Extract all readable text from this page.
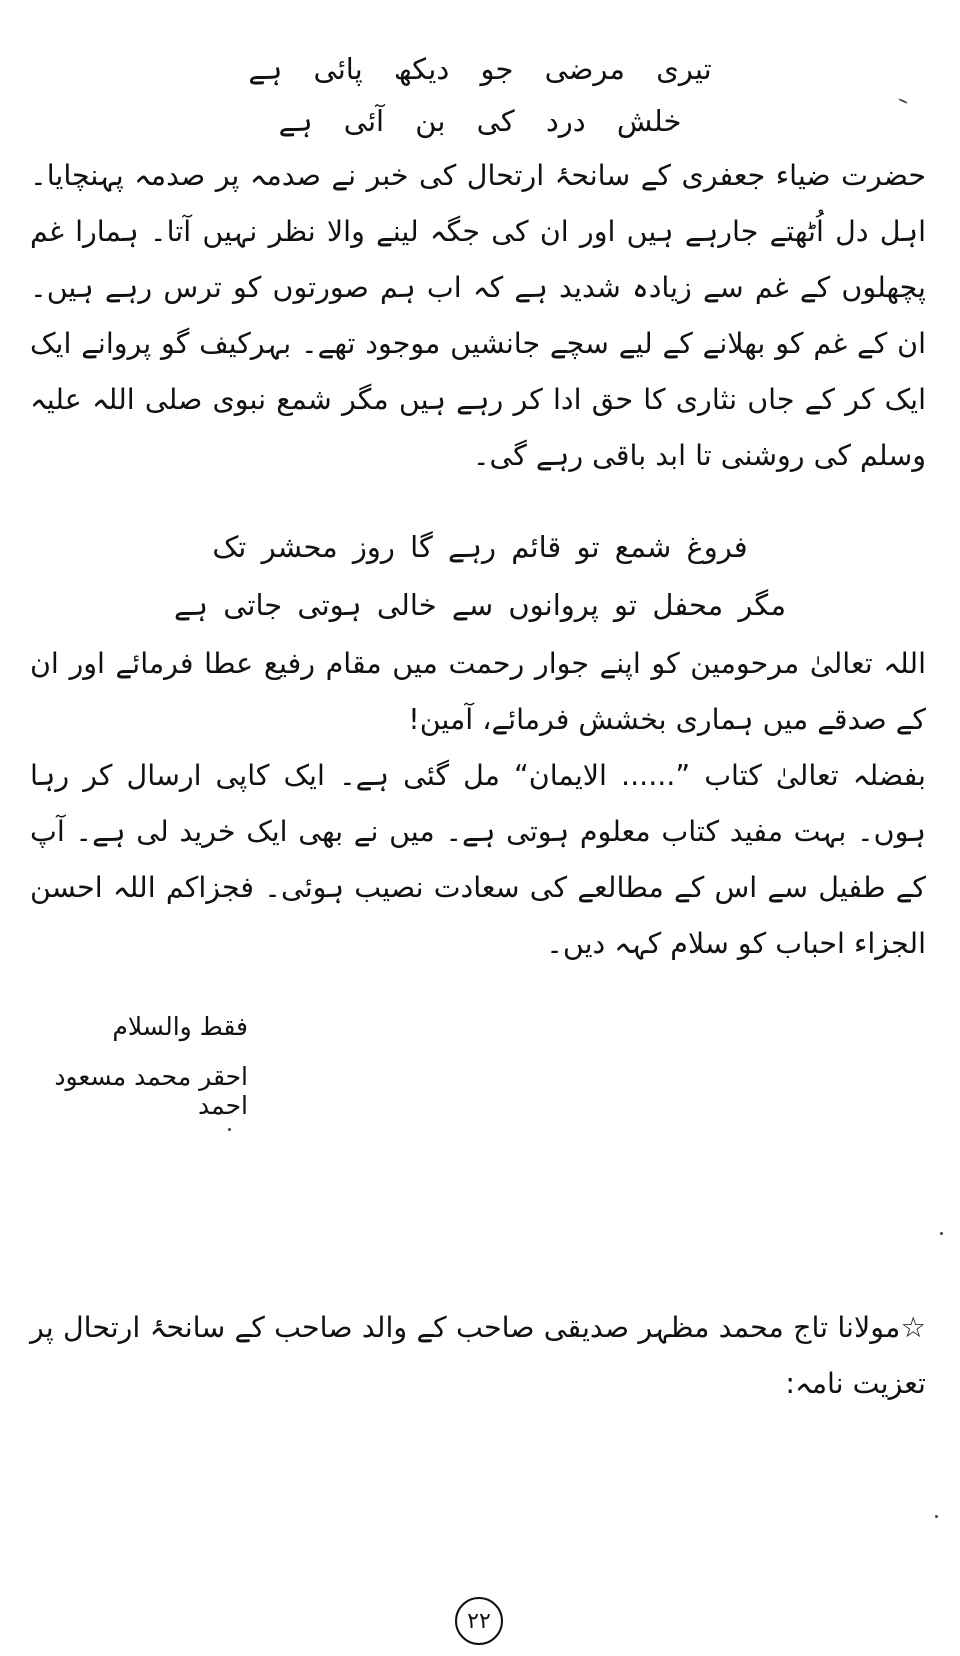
تیری مرضی جو دیکھ پائی ہے
خلش درد کی بن آئی ہے

حضرت ضیاء جعفری کے سانحۂ ارتحال کی خبر نے صدمہ پر صدمہ پہنچایا۔ اہل دل اُٹھتے جارہے ہیں اور ان کی جگہ لینے والا نظر نہیں آتا۔ ہمارا غم پچھلوں کے غم سے زیادہ شدید ہے کہ اب ہم صورتوں کو ترس رہے ہیں۔ ان کے غم کو بھلانے کے لیے سچے جانشیں موجود تھے۔ بہرکیف گو پروانے ایک ایک کر کے جاں نثاری کا حق ادا کر رہے ہیں مگر شمع نبوی صلی اللہ علیہ وسلم کی روشنی تا ابد باقی رہے گی۔

فروغ شمع تو قائم رہے گا روز محشر تک
مگر محفل تو پروانوں سے خالی ہوتی جاتی ہے

اللہ تعالیٰ مرحومین کو اپنے جوار رحمت میں مقام رفیع عطا فرمائے اور ان کے صدقے میں ہماری بخشش فرمائے، آمین!

بفضلہ تعالیٰ کتاب ”...... الایمان“ مل گئی ہے۔ ایک کاپی ارسال کر رہا ہوں۔ بہت مفید کتاب معلوم ہوتی ہے۔ میں نے بھی ایک خرید لی ہے۔ آپ کے طفیل سے اس کے مطالعے کی سعادت نصیب ہوئی۔ فجزاکم اللہ احسن الجزاء احباب کو سلام کہہ دیں۔

فقط والسلام
احقر محمد مسعود احمد

☆مولانا تاج محمد مظہر صدیقی صاحب کے والد صاحب کے سانحۂ ارتحال پر تعزیت نامہ:

۲۲
